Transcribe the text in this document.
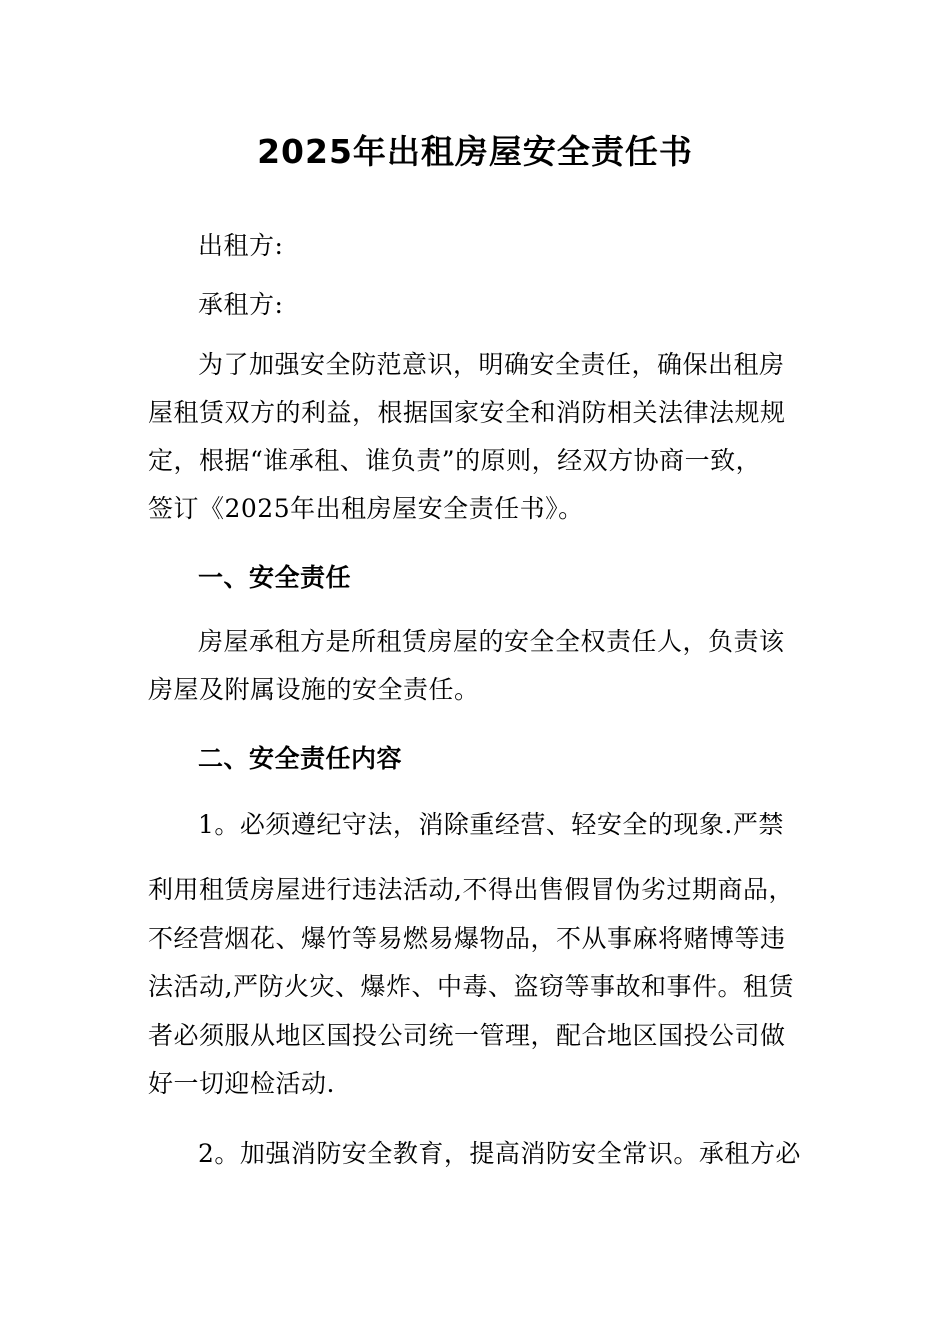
2025年出租房屋安全责任书
出租方:
承租方:
为了加强安全防范意识，明确安全责任，确保出租房
屋租赁双方的利益，根据国家安全和消防相关法律法规规
定，根据“谁承租、谁负责”的原则，经双方协商一致，
签订《2025年出租房屋安全责任书》。
一、安全责任
房屋承租方是所租赁房屋的安全全权责任人，负责该
房屋及附属设施的安全责任。
二、安全责任内容
1。必须遵纪守法，消除重经营、轻安全的现象.严禁
利用租赁房屋进行违法活动,不得出售假冒伪劣过期商品，
不经营烟花、爆竹等易燃易爆物品，不从事麻将赌博等违
法活动,严防火灾、爆炸、中毒、盗窃等事故和事件。租赁
者必须服从地区国投公司统一管理，配合地区国投公司做
好一切迎检活动.
2。加强消防安全教育，提高消防安全常识。承租方必
